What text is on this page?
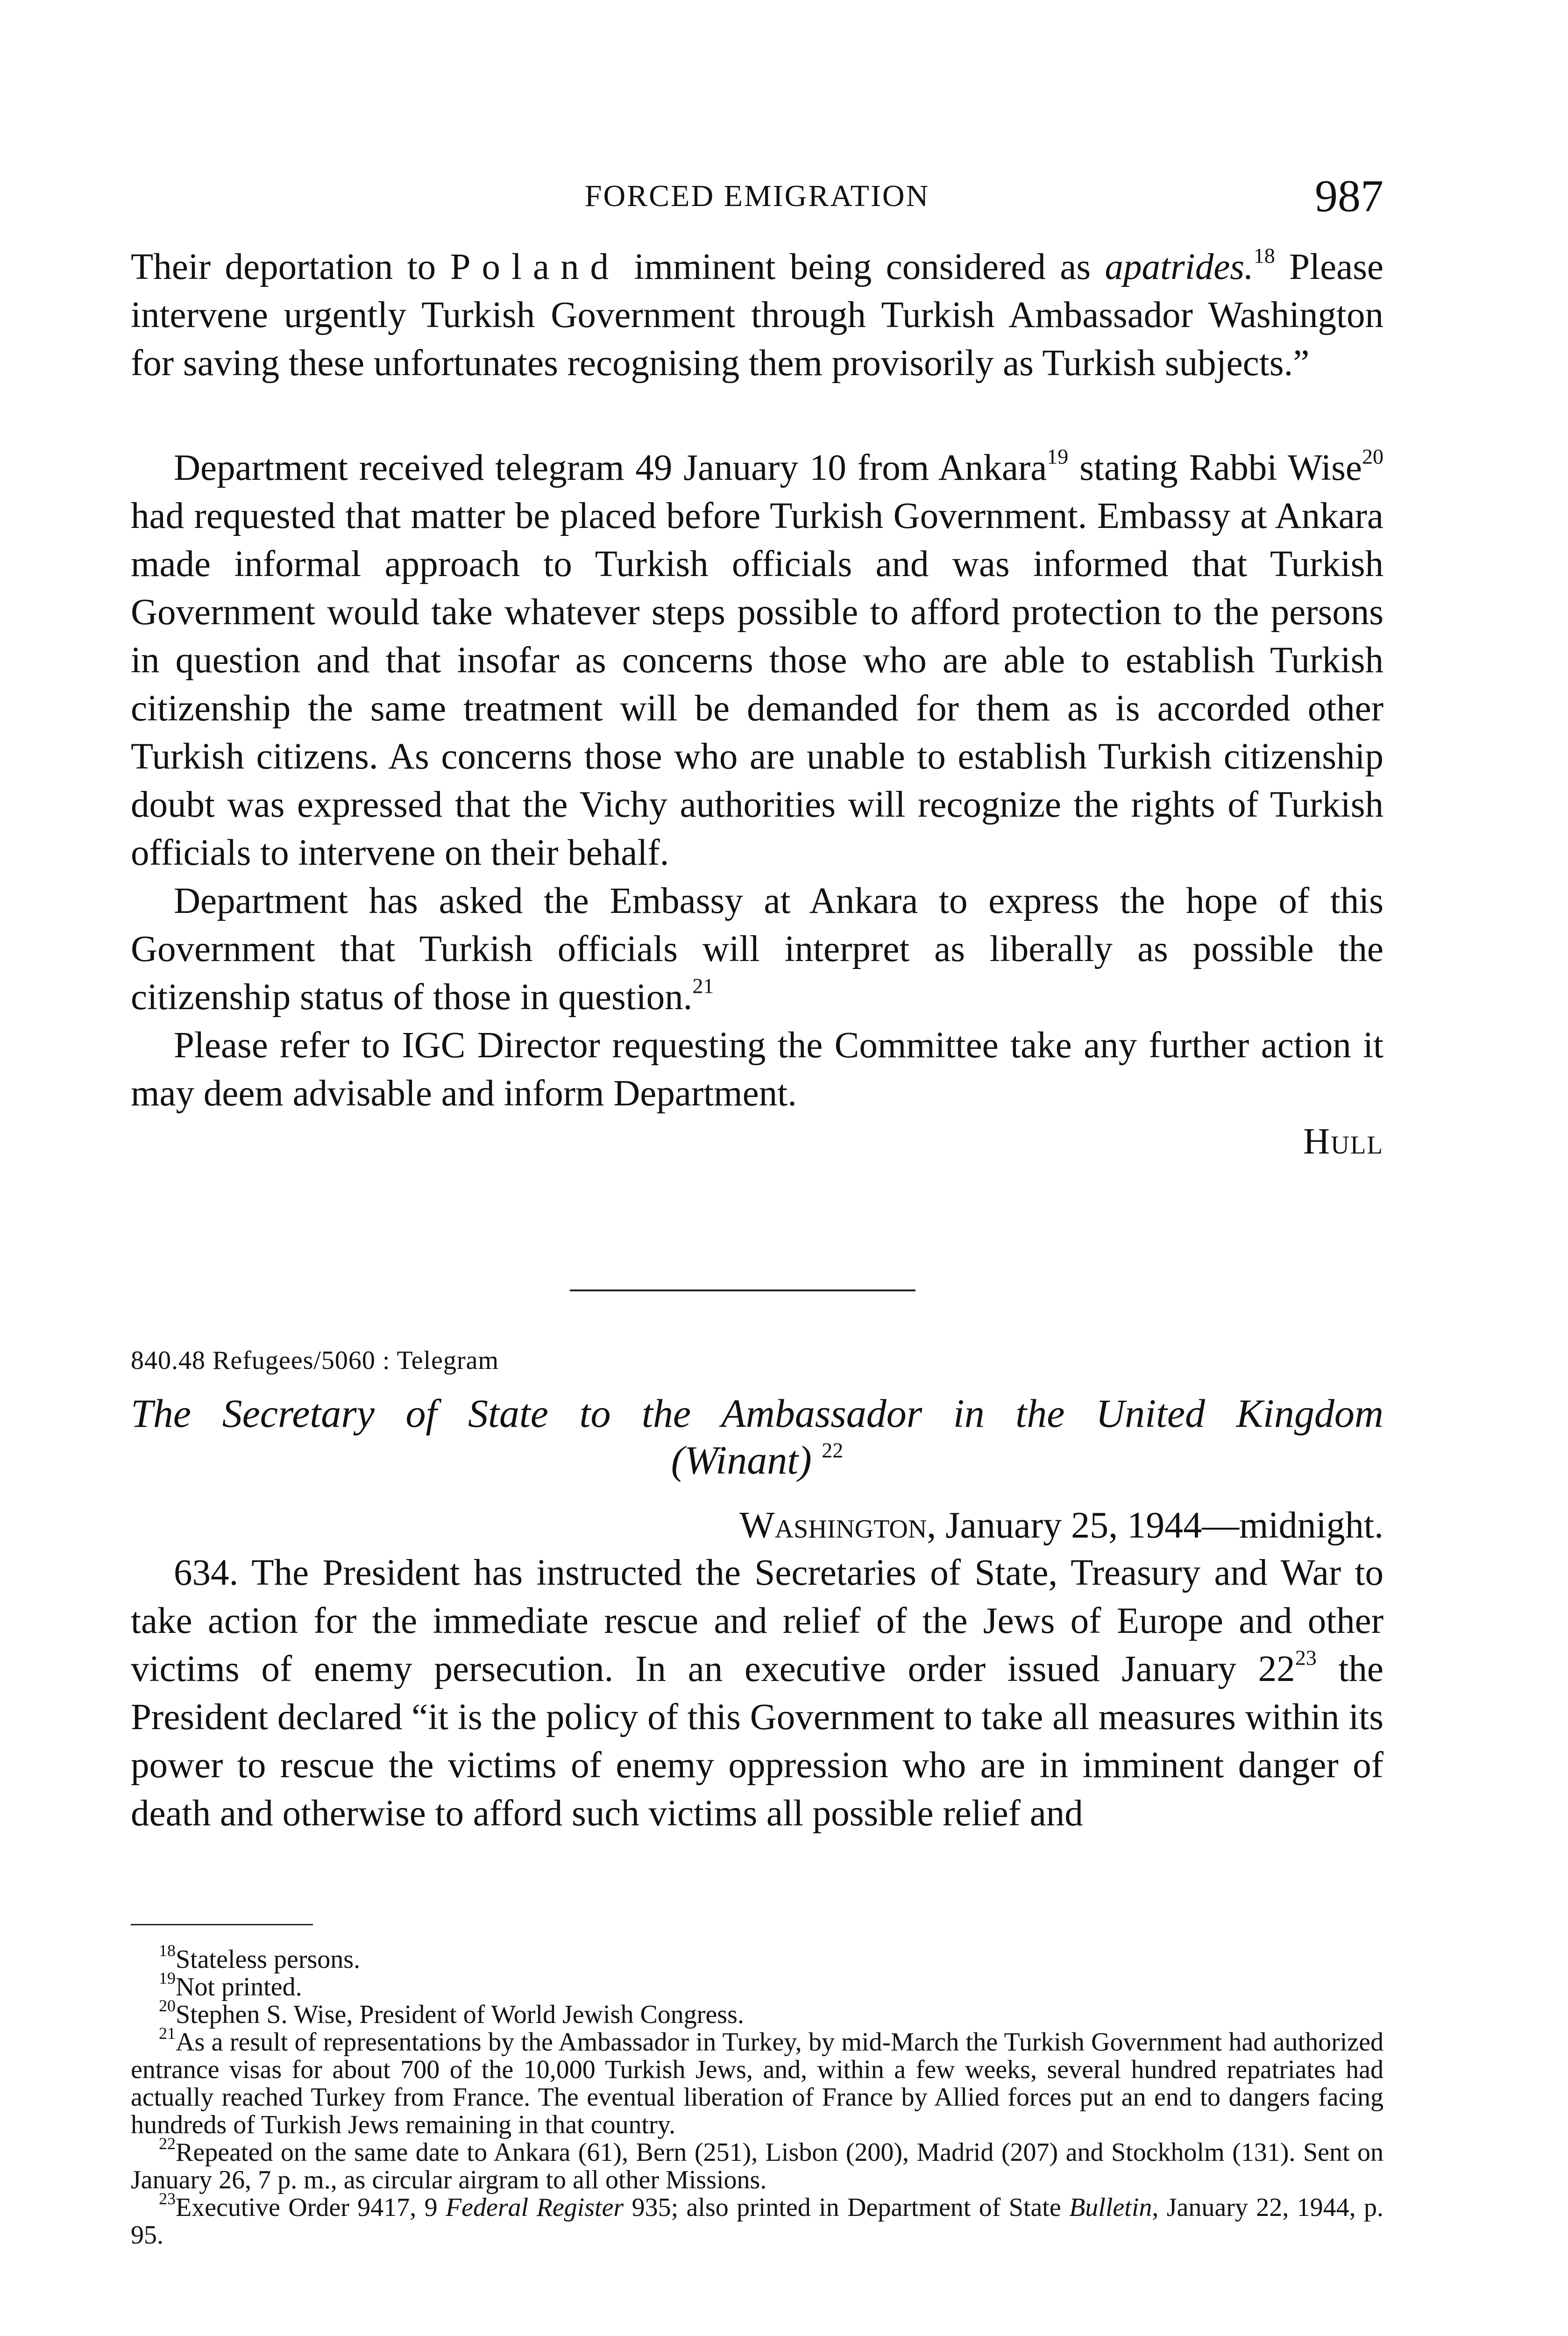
FORCED EMIGRATION	987

Their deportation to Poland imminent being considered as apatrides.$^{18}$ Please intervene urgently Turkish Government through Turkish Ambassador Washington for saving these unfortunates recognising them provisorily as Turkish subjects.”

Department received telegram 49 January 10 from Ankara$^{19}$ stating Rabbi Wise$^{20}$ had requested that matter be placed before Turkish Government. Embassy at Ankara made informal approach to Turkish officials and was informed that Turkish Government would take whatever steps possible to afford protection to the persons in question and that insofar as concerns those who are able to establish Turkish citizenship the same treatment will be demanded for them as is accorded other Turkish citizens. As concerns those who are unable to establish Turkish citizenship doubt was expressed that the Vichy authorities will recognize the rights of Turkish officials to intervene on their behalf.

Department has asked the Embassy at Ankara to express the hope of this Government that Turkish officials will interpret as liberally as possible the citizenship status of those in question.$^{21}$

Please refer to IGC Director requesting the Committee take any further action it may deem advisable and inform Department.

Hull

840.48 Refugees/5060 : Telegram
The Secretary of State to the Ambassador in the United Kingdom
(Winant) $^{22}$
Washington, January 25, 1944—midnight.

634. The President has instructed the Secretaries of State, Treasury and War to take action for the immediate rescue and relief of the Jews of Europe and other victims of enemy persecution. In an executive order issued January $22^{23}$ the President declared “it is the policy of this Government to take all measures within its power to rescue the victims of enemy oppression who are in imminent danger of death and otherwise to afford such victims all possible relief and

$^{18}$Stateless persons.

$^{19}$Not printed.

$^{20}$Stephen S. Wise, President of World Jewish Congress.

$^{21}$As a result of representations by the Ambassador in Turkey, by mid-March the Turkish Government had authorized entrance visas for about 700 of the 10,000 Turkish Jews, and, within a few weeks, several hundred repatriates had actually reached Turkey from France. The eventual liberation of France by Allied forces put an end to dangers facing hundreds of Turkish Jews remaining in that country.

$^{22}$Repeated on the same date to Ankara (61), Bern (251), Lisbon (200), Madrid (207) and Stockholm (131). Sent on January 26, 7 p. m., as circular airgram to all other Missions.

$^{23}$Executive Order 9417, 9 Federal Register 935; also printed in Department of State Bulletin, January 22, 1944, p. 95.
